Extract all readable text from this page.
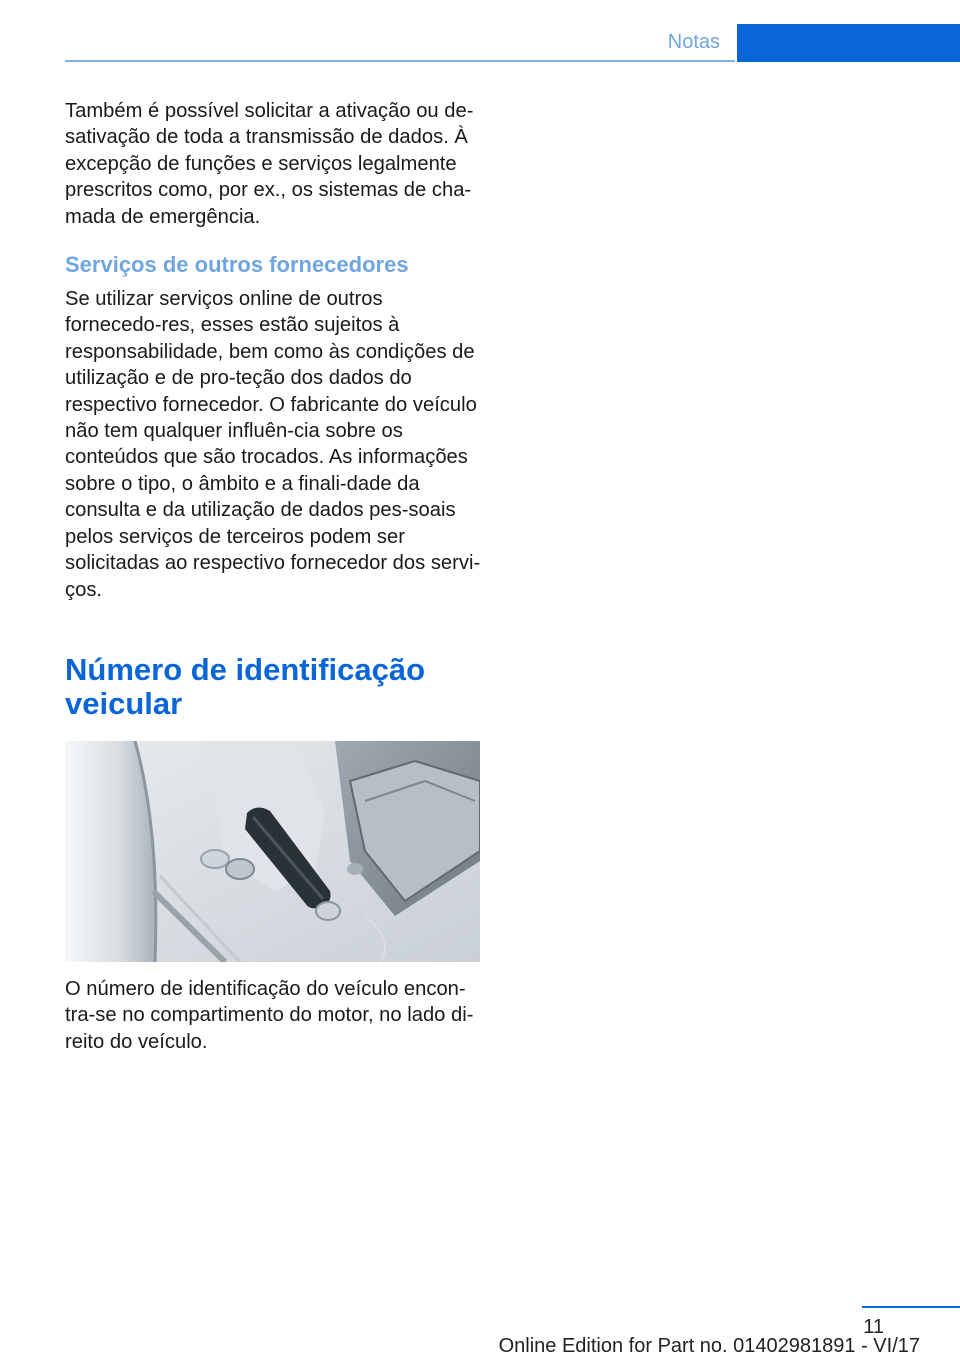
Notas

Também é possível solicitar a ativação ou de-sativação de toda a transmissão de dados. À excepção de funções e serviços legalmente prescritos como, por ex., os sistemas de cha-mada de emergência.

Serviços de outros fornecedores

Se utilizar serviços online de outros fornecedo-res, esses estão sujeitos à responsabilidade, bem como às condições de utilização e de pro-teção dos dados do respectivo fornecedor. O fabricante do veículo não tem qualquer influên-cia sobre os conteúdos que são trocados. As informações sobre o tipo, o âmbito e a finali-dade da consulta e da utilização de dados pes-soais pelos serviços de terceiros podem ser solicitadas ao respectivo fornecedor dos servi-ços.

Número de identificação veicular

O número de identificação do veículo encon-tra-se no compartimento do motor, no lado di-reito do veículo.

11
Online Edition for Part no. 01402981891 - VI/17
